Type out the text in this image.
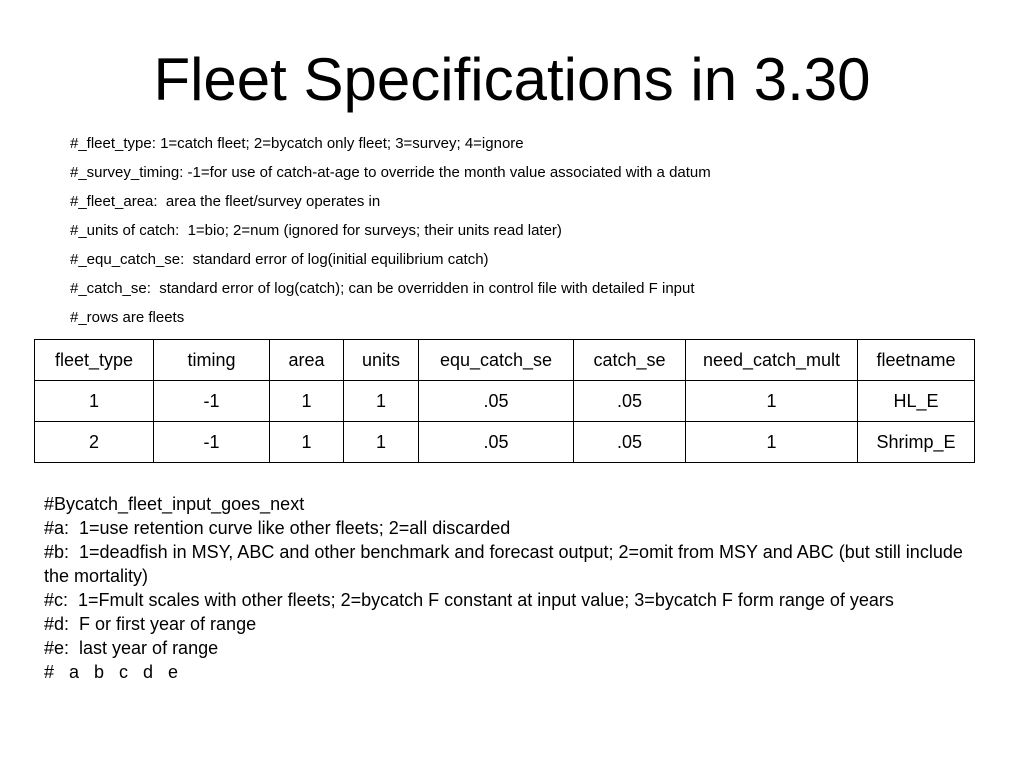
Fleet Specifications in 3.30
#_fleet_type: 1=catch fleet; 2=bycatch only fleet; 3=survey; 4=ignore
#_survey_timing: -1=for use of catch-at-age to override the month value associated with a datum
#_fleet_area:  area the fleet/survey operates in
#_units of catch:  1=bio; 2=num (ignored for surveys; their units read later)
#_equ_catch_se:  standard error of log(initial equilibrium catch)
#_catch_se:  standard error of log(catch); can be overridden in control file with detailed F input
#_rows are fleets
fleet_type	timing	area	units	equ_catch_se	catch_se	need_catch_mult	fleetname
1	-1	1	1	.05	.05	1	HL_E
2	-1	1	1	.05	.05	1	Shrimp_E

#Bycatch_fleet_input_goes_next

#a:  1=use retention curve like other fleets; 2=all discarded

#b:  1=deadfish in MSY, ABC and other benchmark and forecast output; 2=omit from MSY and ABC (but still include the mortality)

#c:  1=Fmult scales with other fleets; 2=bycatch F constant at input value; 3=bycatch F form range of years

#d:  F or first year of range

#e:  last year of range

#   a   b   c   d   e
